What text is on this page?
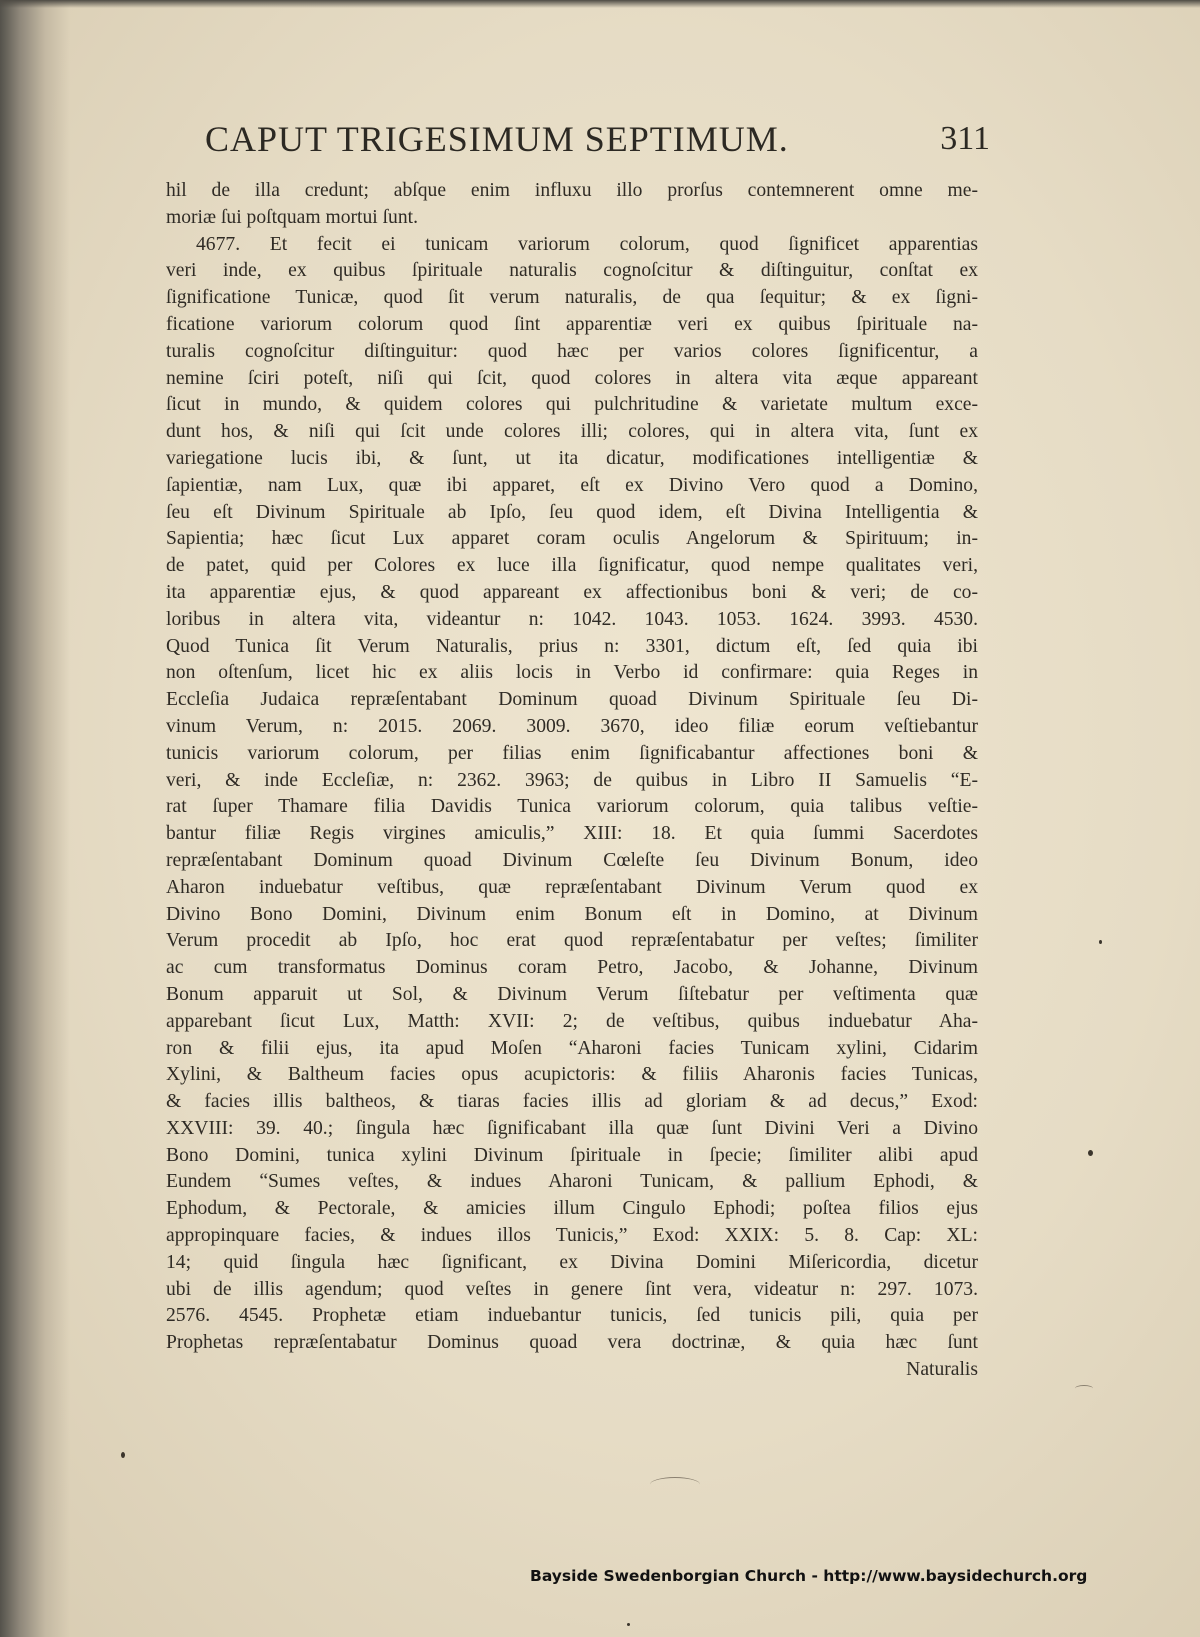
CAPUT TRIGESIMUM SEPTIMUM.	311
hil de illa credunt; abſque enim influxu illo prorſus contemnerent omne me-
moriæ ſui poſtquam mortui ſunt.
4677. Et fecit ei tunicam variorum colorum, quod ſignificet apparentias
veri inde, ex quibus ſpirituale naturalis cognoſcitur & diſtinguitur, conſtat ex
ſignificatione Tunicæ, quod ſit verum naturalis, de qua ſequitur; & ex ſigni-
ficatione variorum colorum quod ſint apparentiæ veri ex quibus ſpirituale na-
turalis cognoſcitur diſtinguitur: quod hæc per varios colores ſignificentur, a
nemine ſciri poteſt, niſi qui ſcit, quod colores in altera vita æque appareant
ſicut in mundo, & quidem colores qui pulchritudine & varietate multum exce-
dunt hos, & niſi qui ſcit unde colores illi; colores, qui in altera vita, ſunt ex
variegatione lucis ibi, & ſunt, ut ita dicatur, modificationes intelligentiæ &
ſapientiæ, nam Lux, quæ ibi apparet, eſt ex Divino Vero quod a Domino,
ſeu eſt Divinum Spirituale ab Ipſo, ſeu quod idem, eſt Divina Intelligentia &
Sapientia; hæc ſicut Lux apparet coram oculis Angelorum & Spirituum; in-
de patet, quid per Colores ex luce illa ſignificatur, quod nempe qualitates veri,
ita apparentiæ ejus, & quod appareant ex affectionibus boni & veri; de co-
loribus in altera vita, videantur n: 1042. 1043. 1053. 1624. 3993. 4530.
Quod Tunica ſit Verum Naturalis, prius n: 3301, dictum eſt, ſed quia ibi
non oſtenſum, licet hic ex aliis locis in Verbo id confirmare: quia Reges in
Eccleſia Judaica repræſentabant Dominum quoad Divinum Spirituale ſeu Di-
vinum Verum, n: 2015. 2069. 3009. 3670, ideo filiæ eorum veſtiebantur
tunicis variorum colorum, per filias enim ſignificabantur affectiones boni &
veri, & inde Eccleſiæ, n: 2362. 3963; de quibus in Libro II Samuelis “E-
rat ſuper Thamare filia Davidis Tunica variorum colorum, quia talibus veſtie-
bantur filiæ Regis virgines amiculis,” XIII: 18. Et quia ſummi Sacerdotes
repræſentabant Dominum quoad Divinum Cœleſte ſeu Divinum Bonum, ideo
Aharon induebatur veſtibus, quæ repræſentabant Divinum Verum quod ex
Divino Bono Domini, Divinum enim Bonum eſt in Domino, at Divinum
Verum procedit ab Ipſo, hoc erat quod repræſentabatur per veſtes; ſimiliter
ac cum transformatus Dominus coram Petro, Jacobo, & Johanne, Divinum
Bonum apparuit ut Sol, & Divinum Verum ſiſtebatur per veſtimenta quæ
apparebant ſicut Lux, Matth: XVII: 2; de veſtibus, quibus induebatur Aha-
ron & filii ejus, ita apud Moſen “Aharoni facies Tunicam xylini, Cidarim
Xylini, & Baltheum facies opus acupictoris: & filiis Aharonis facies Tunicas,
& facies illis baltheos, & tiaras facies illis ad gloriam & ad decus,” Exod:
XXVIII: 39. 40.; ſingula hæc ſignificabant illa quæ ſunt Divini Veri a Divino
Bono Domini, tunica xylini Divinum ſpirituale in ſpecie; ſimiliter alibi apud
Eundem “Sumes veſtes, & indues Aharoni Tunicam, & pallium Ephodi, &
Ephodum, & Pectorale, & amicies illum Cingulo Ephodi; poſtea filios ejus
appropinquare facies, & indues illos Tunicis,” Exod: XXIX: 5. 8. Cap: XL:
14; quid ſingula hæc ſignificant, ex Divina Domini Miſericordia, dicetur
ubi de illis agendum; quod veſtes in genere ſint vera, videatur n: 297. 1073.
2576. 4545. Prophetæ etiam induebantur tunicis, ſed tunicis pili, quia per
Prophetas repræſentabatur Dominus quoad vera doctrinæ, & quia hæc ſunt
Naturalis
Bayside Swedenborgian Church - http://www.baysidechurch.org
